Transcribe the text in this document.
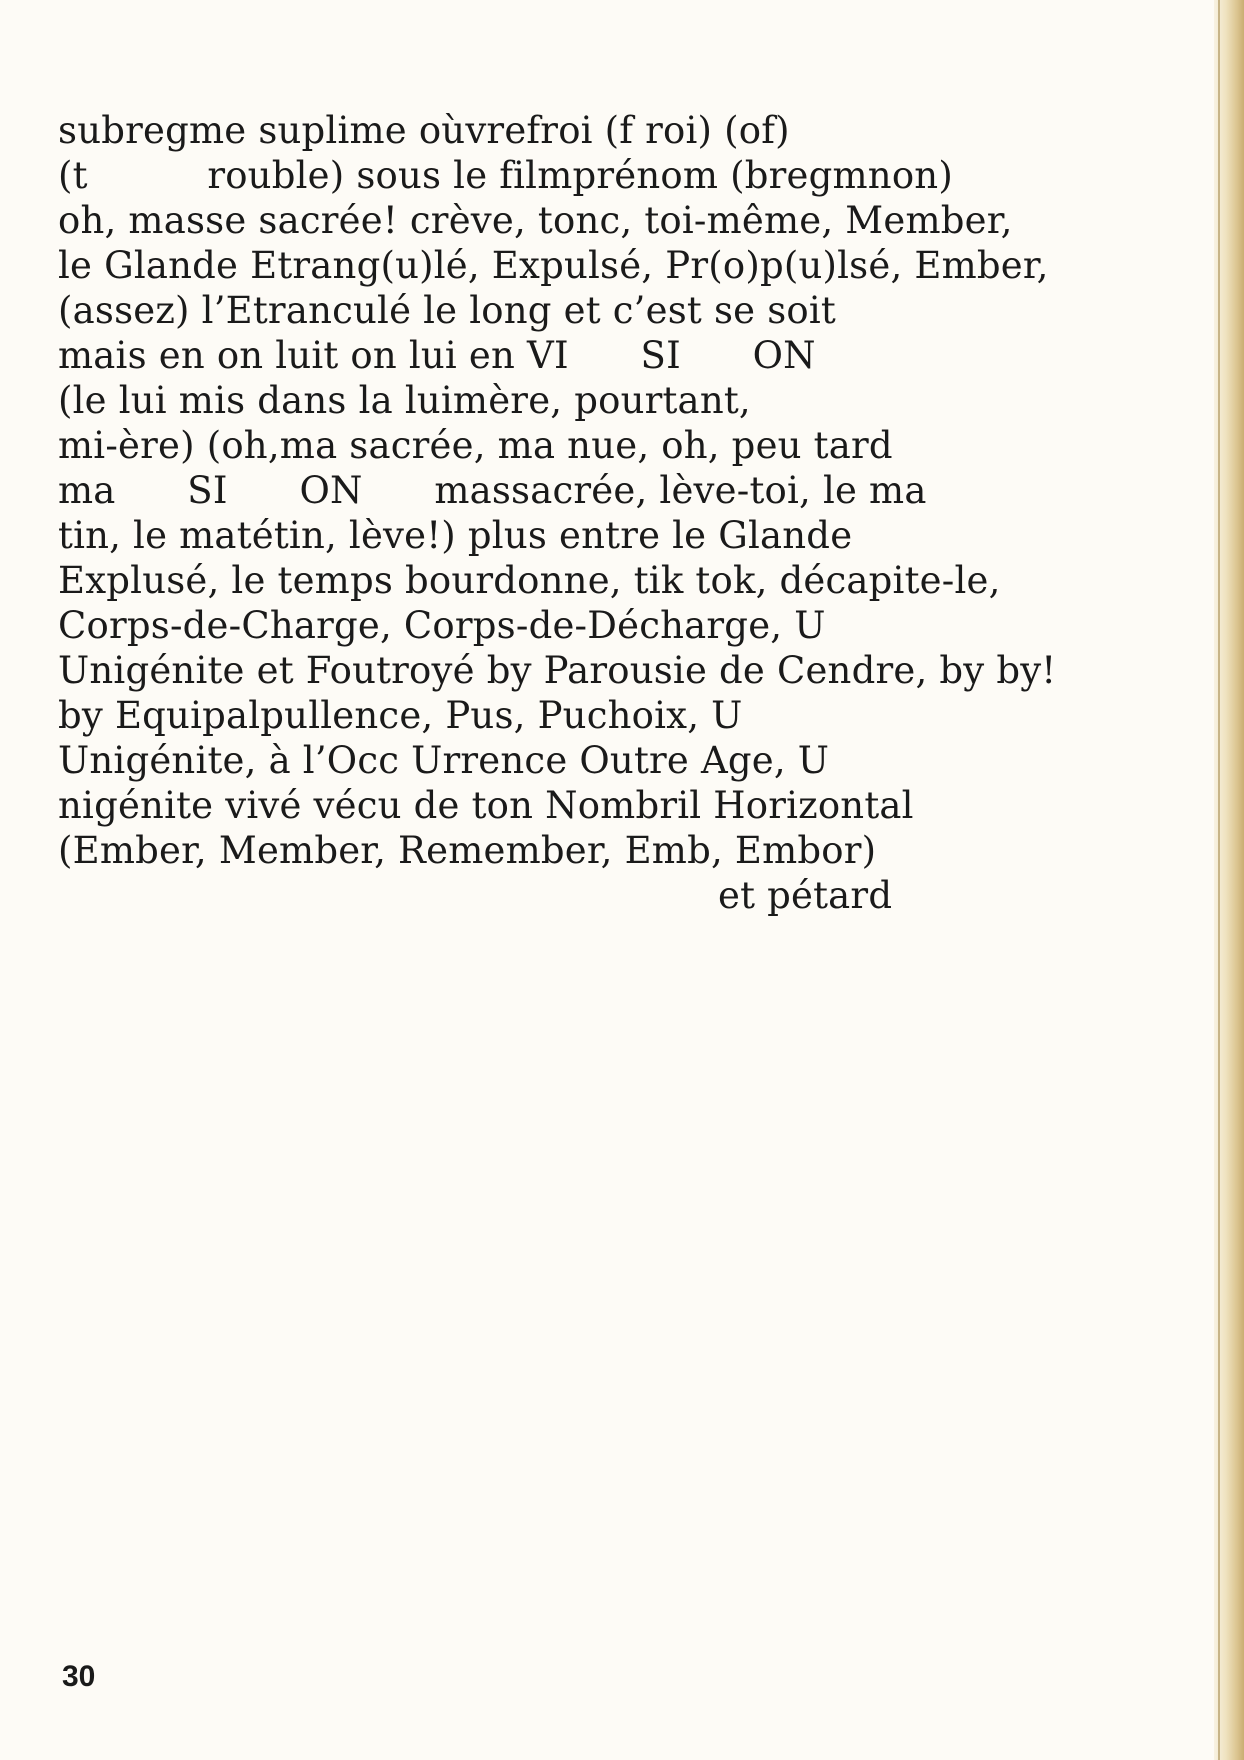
subregme suplime oùvrefroi (f roi) (of)
(t          rouble) sous le filmprénom (bregmnon)
oh, masse sacrée! crève, tonc, toi-même, Member,
le Glande Etrang(u)lé, Expulsé, Pr(o)p(u)lsé, Ember,
(assez) l’Etranculé le long et c’est se soit
mais en on luit on lui en VI      SI      ON
(le lui mis dans la luimère, pourtant,
mi-ère) (oh,ma sacrée, ma nue, oh, peu tard
ma      SI      ON      massacrée, lève-toi, le ma
tin, le matétin, lève!) plus entre le Glande
Explusé, le temps bourdonne, tik tok, décapite-le,
Corps-de-Charge, Corps-de-Décharge, U
Unigénite et Foutroyé by Parousie de Cendre, by by!
by Equipalpullence, Pus, Puchoix, U
Unigénite, à l’Occ Urrence Outre Age, U
nigénite vivé vécu de ton Nombril Horizontal
(Ember, Member, Remember, Emb, Embor)
et pétard
30
